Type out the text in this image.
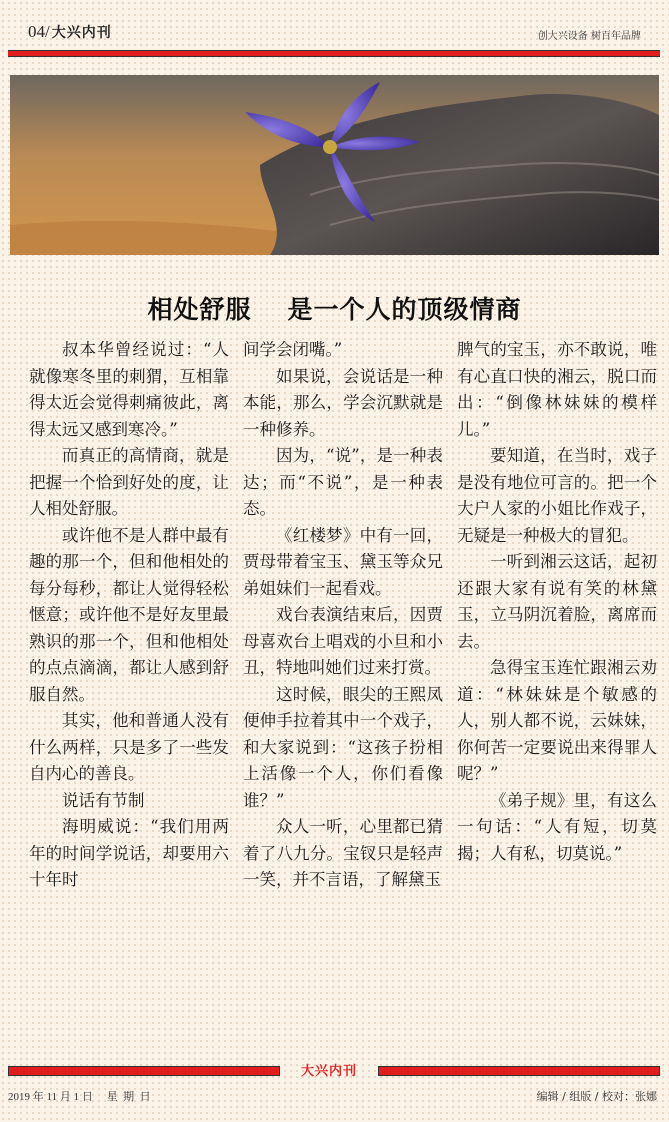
04/ 大兴内刊	创大兴设备 树百年品牌
相处舒服 是一个人的顶级情商

叔本华曾经说过：“人就像寒冬里的刺猬，互相靠得太近会觉得刺痛彼此，离得太远又感到寒冷。”

而真正的高情商，就是把握一个恰到好处的度，让人相处舒服。

或许他不是人群中最有趣的那一个，但和他相处的每分每秒，都让人觉得轻松惬意；或许他不是好友里最熟识的那一个，但和他相处的点点滴滴，都让人感到舒服自然。

其实，他和普通人没有什么两样，只是多了一些发自内心的善良。

说话有节制

海明威说：“我们用两年的时间学说话，却要用六十年时

间学会闭嘴。”

如果说，会说话是一种本能，那么，学会沉默就是一种修养。

因为，“说”，是一种表达；而“不说”，是一种表态。

《红楼梦》中有一回，贾母带着宝玉、黛玉等众兄弟姐妹们一起看戏。

戏台表演结束后，因贾母喜欢台上唱戏的小旦和小丑，特地叫她们过来打赏。

这时候，眼尖的王熙凤便伸手拉着其中一个戏子，和大家说到：“这孩子扮相上活像一个人，你们看像谁？”

众人一听，心里都已猜着了八九分。宝钗只是轻声一笑，并不言语，了解黛玉

脾气的宝玉，亦不敢说，唯有心直口快的湘云，脱口而出：“倒像林妹妹的模样儿。”

要知道，在当时，戏子是没有地位可言的。把一个大户人家的小姐比作戏子，无疑是一种极大的冒犯。

一听到湘云这话，起初还跟大家有说有笑的林黛玉，立马阴沉着脸，离席而去。

急得宝玉连忙跟湘云劝道：“林妹妹是个敏感的人，别人都不说，云妹妹，你何苦一定要说出来得罪人呢？”

《弟子规》里，有这么一句话：“人有短，切莫揭；人有私，切莫说。”

大兴内刊
2019 年 11 月 1 日     星  期  日	编辑 / 组版 / 校对：张娜
